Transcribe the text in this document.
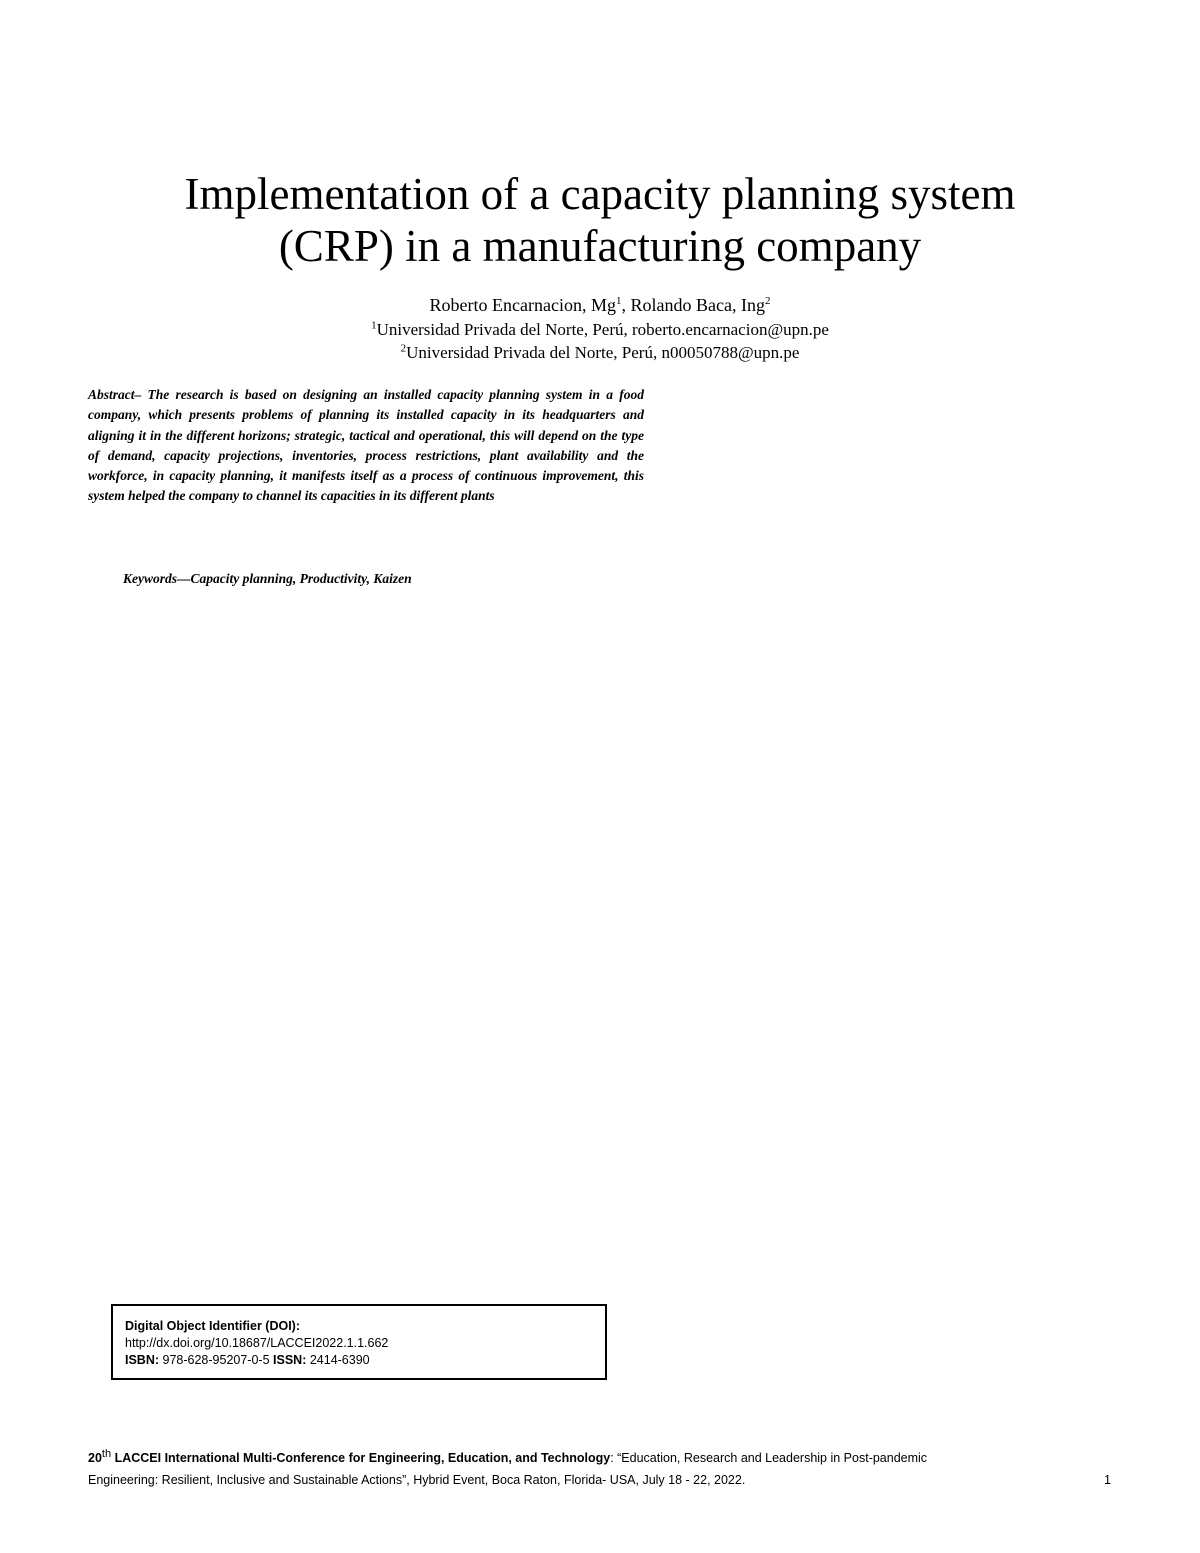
Implementation of a capacity planning system
(CRP) in a manufacturing company
Roberto Encarnacion, Mg$^1$, Rolando Baca, Ing$^2$
$^1$Universidad Privada del Norte, Perú, roberto.encarnacion@upn.pe
$^2$Universidad Privada del Norte, Perú, n00050788@upn.pe

Abstract– The research is based on designing an installed capacity planning system in a food company, which presents problems of planning its installed capacity in its headquarters and aligning it in the different horizons; strategic, tactical and operational, this will depend on the type of demand, capacity projections, inventories, process restrictions, plant availability and the workforce, in capacity planning, it manifests itself as a process of continuous improvement, this system helped the company to channel its capacities in its different plants

Keywords—Capacity planning, Productivity, Kaizen

Digital Object Identifier (DOI):
http://dx.doi.org/10.18687/LACCEI2022.1.1.662
ISBN: 978-628-95207-0-5 ISSN: 2414-6390
20th LACCEI International Multi-Conference for Engineering, Education, and Technology: “Education, Research and Leadership in Post-pandemic
Engineering: Resilient, Inclusive and Sustainable Actions”, Hybrid Event, Boca Raton, Florida- USA, July 18 - 22, 2022.	1
